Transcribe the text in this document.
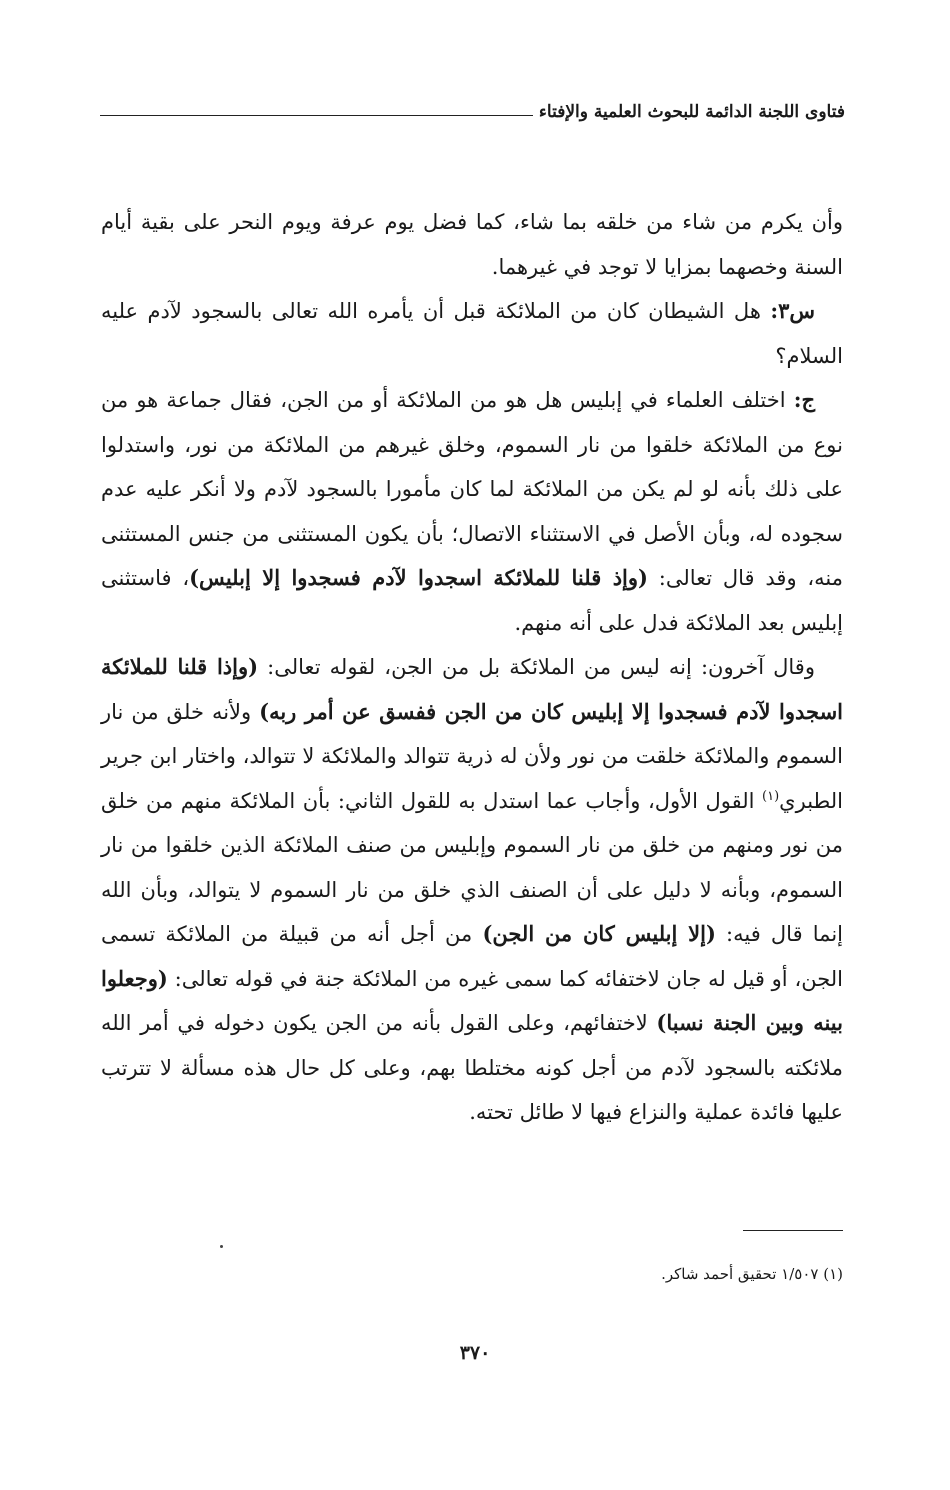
فتاوى اللجنة الدائمة للبحوث العلمية والإفتاء

وأن يكرم من شاء من خلقه بما شاء، كما فضل يوم عرفة ويوم النحر على بقية أيام السنة وخصهما بمزايا لا توجد في غيرهما.

س٣: هل الشيطان كان من الملائكة قبل أن يأمره الله تعالى بالسجود لآدم عليه السلام؟

ج: اختلف العلماء في إبليس هل هو من الملائكة أو من الجن، فقال جماعة هو من نوع من الملائكة خلقوا من نار السموم، وخلق غيرهم من الملائكة من نور، واستدلوا على ذلك بأنه لو لم يكن من الملائكة لما كان مأمورا بالسجود لآدم ولا أنكر عليه عدم سجوده له، وبأن الأصل في الاستثناء الاتصال؛ بأن يكون المستثنى من جنس المستثنى منه، وقد قال تعالى: (وإذ قلنا للملائكة اسجدوا لآدم فسجدوا إلا إبليس)، فاستثنى إبليس بعد الملائكة فدل على أنه منهم.

وقال آخرون: إنه ليس من الملائكة بل من الجن، لقوله تعالى: (وإذا قلنا للملائكة اسجدوا لآدم فسجدوا إلا إبليس كان من الجن ففسق عن أمر ربه) ولأنه خلق من نار السموم والملائكة خلقت من نور ولأن له ذرية تتوالد والملائكة لا تتوالد، واختار ابن جرير الطبري$^{(١)}$ القول الأول، وأجاب عما استدل به للقول الثاني: بأن الملائكة منهم من خلق من نور ومنهم من خلق من نار السموم وإبليس من صنف الملائكة الذين خلقوا من نار السموم، وبأنه لا دليل على أن الصنف الذي خلق من نار السموم لا يتوالد، وبأن الله إنما قال فيه: (إلا إبليس كان من الجن) من أجل أنه من قبيلة من الملائكة تسمى الجن، أو قيل له جان لاختفائه كما سمى غيره من الملائكة جنة في قوله تعالى: (وجعلوا بينه وبين الجنة نسبا) لاختفائهم، وعلى القول بأنه من الجن يكون دخوله في أمر الله ملائكته بالسجود لآدم من أجل كونه مختلطا بهم، وعلى كل حال هذه مسألة لا تترتب عليها فائدة عملية والنزاع فيها لا طائل تحته.

(١) ١/٥٠٧ تحقيق أحمد شاكر.
٣٧٠
